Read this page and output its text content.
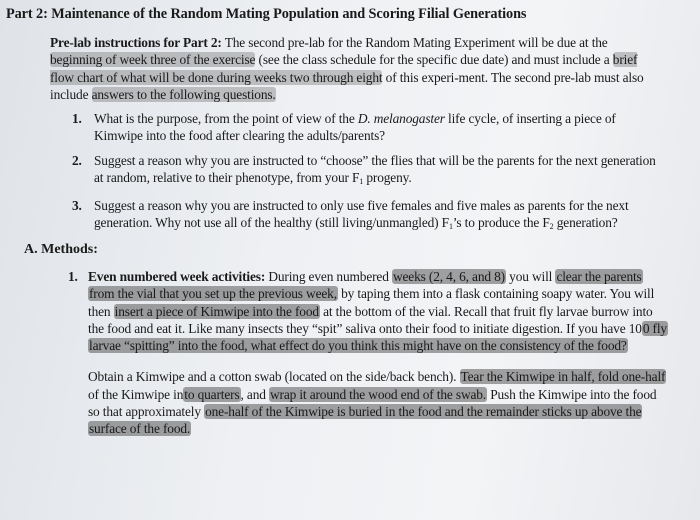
Part 2: Maintenance of the Random Mating Population and Scoring Filial Generations
Pre-lab instructions for Part 2: The second pre-lab for the Random Mating Experiment will be due at the beginning of week three of the exercise (see the class schedule for the specific due date) and must include a brief flow chart of what will be done during weeks two through eight of this experi-ment. The second pre-lab must also include answers to the following questions.
1. What is the purpose, from the point of view of the D. melanogaster life cycle, of inserting a piece of Kimwipe into the food after clearing the adults/parents?
2. Suggest a reason why you are instructed to “choose” the flies that will be the parents for the next generation at random, relative to their phenotype, from your $F_1$ progeny.
3. Suggest a reason why you are instructed to only use five females and five males as parents for the next generation. Why not use all of the healthy (still living/unmangled) $F_1’s$ to produce the $F_2$ generation?
A. Methods:
1. Even numbered week activities: During even numbered weeks (2, 4, 6, and 8) you will clear the parents from the vial that you set up the previous week, by taping them into a flask containing soapy water. You will then insert a piece of Kimwipe into the food at the bottom of the vial. Recall that fruit fly larvae burrow into the food and eat it. Like many insects they “spit” saliva onto their food to initiate digestion. If you have 100 fly larvae “spitting” into the food, what effect do you think this might have on the consistency of the food?
Obtain a Kimwipe and a cotton swab (located on the side/back bench). Tear the Kimwipe in half, fold one-half of the Kimwipe into quarters, and wrap it around the wood end of the swab. Push the Kimwipe into the food so that approximately one-half of the Kimwipe is buried in the food and the remainder sticks up above the surface of the food.
